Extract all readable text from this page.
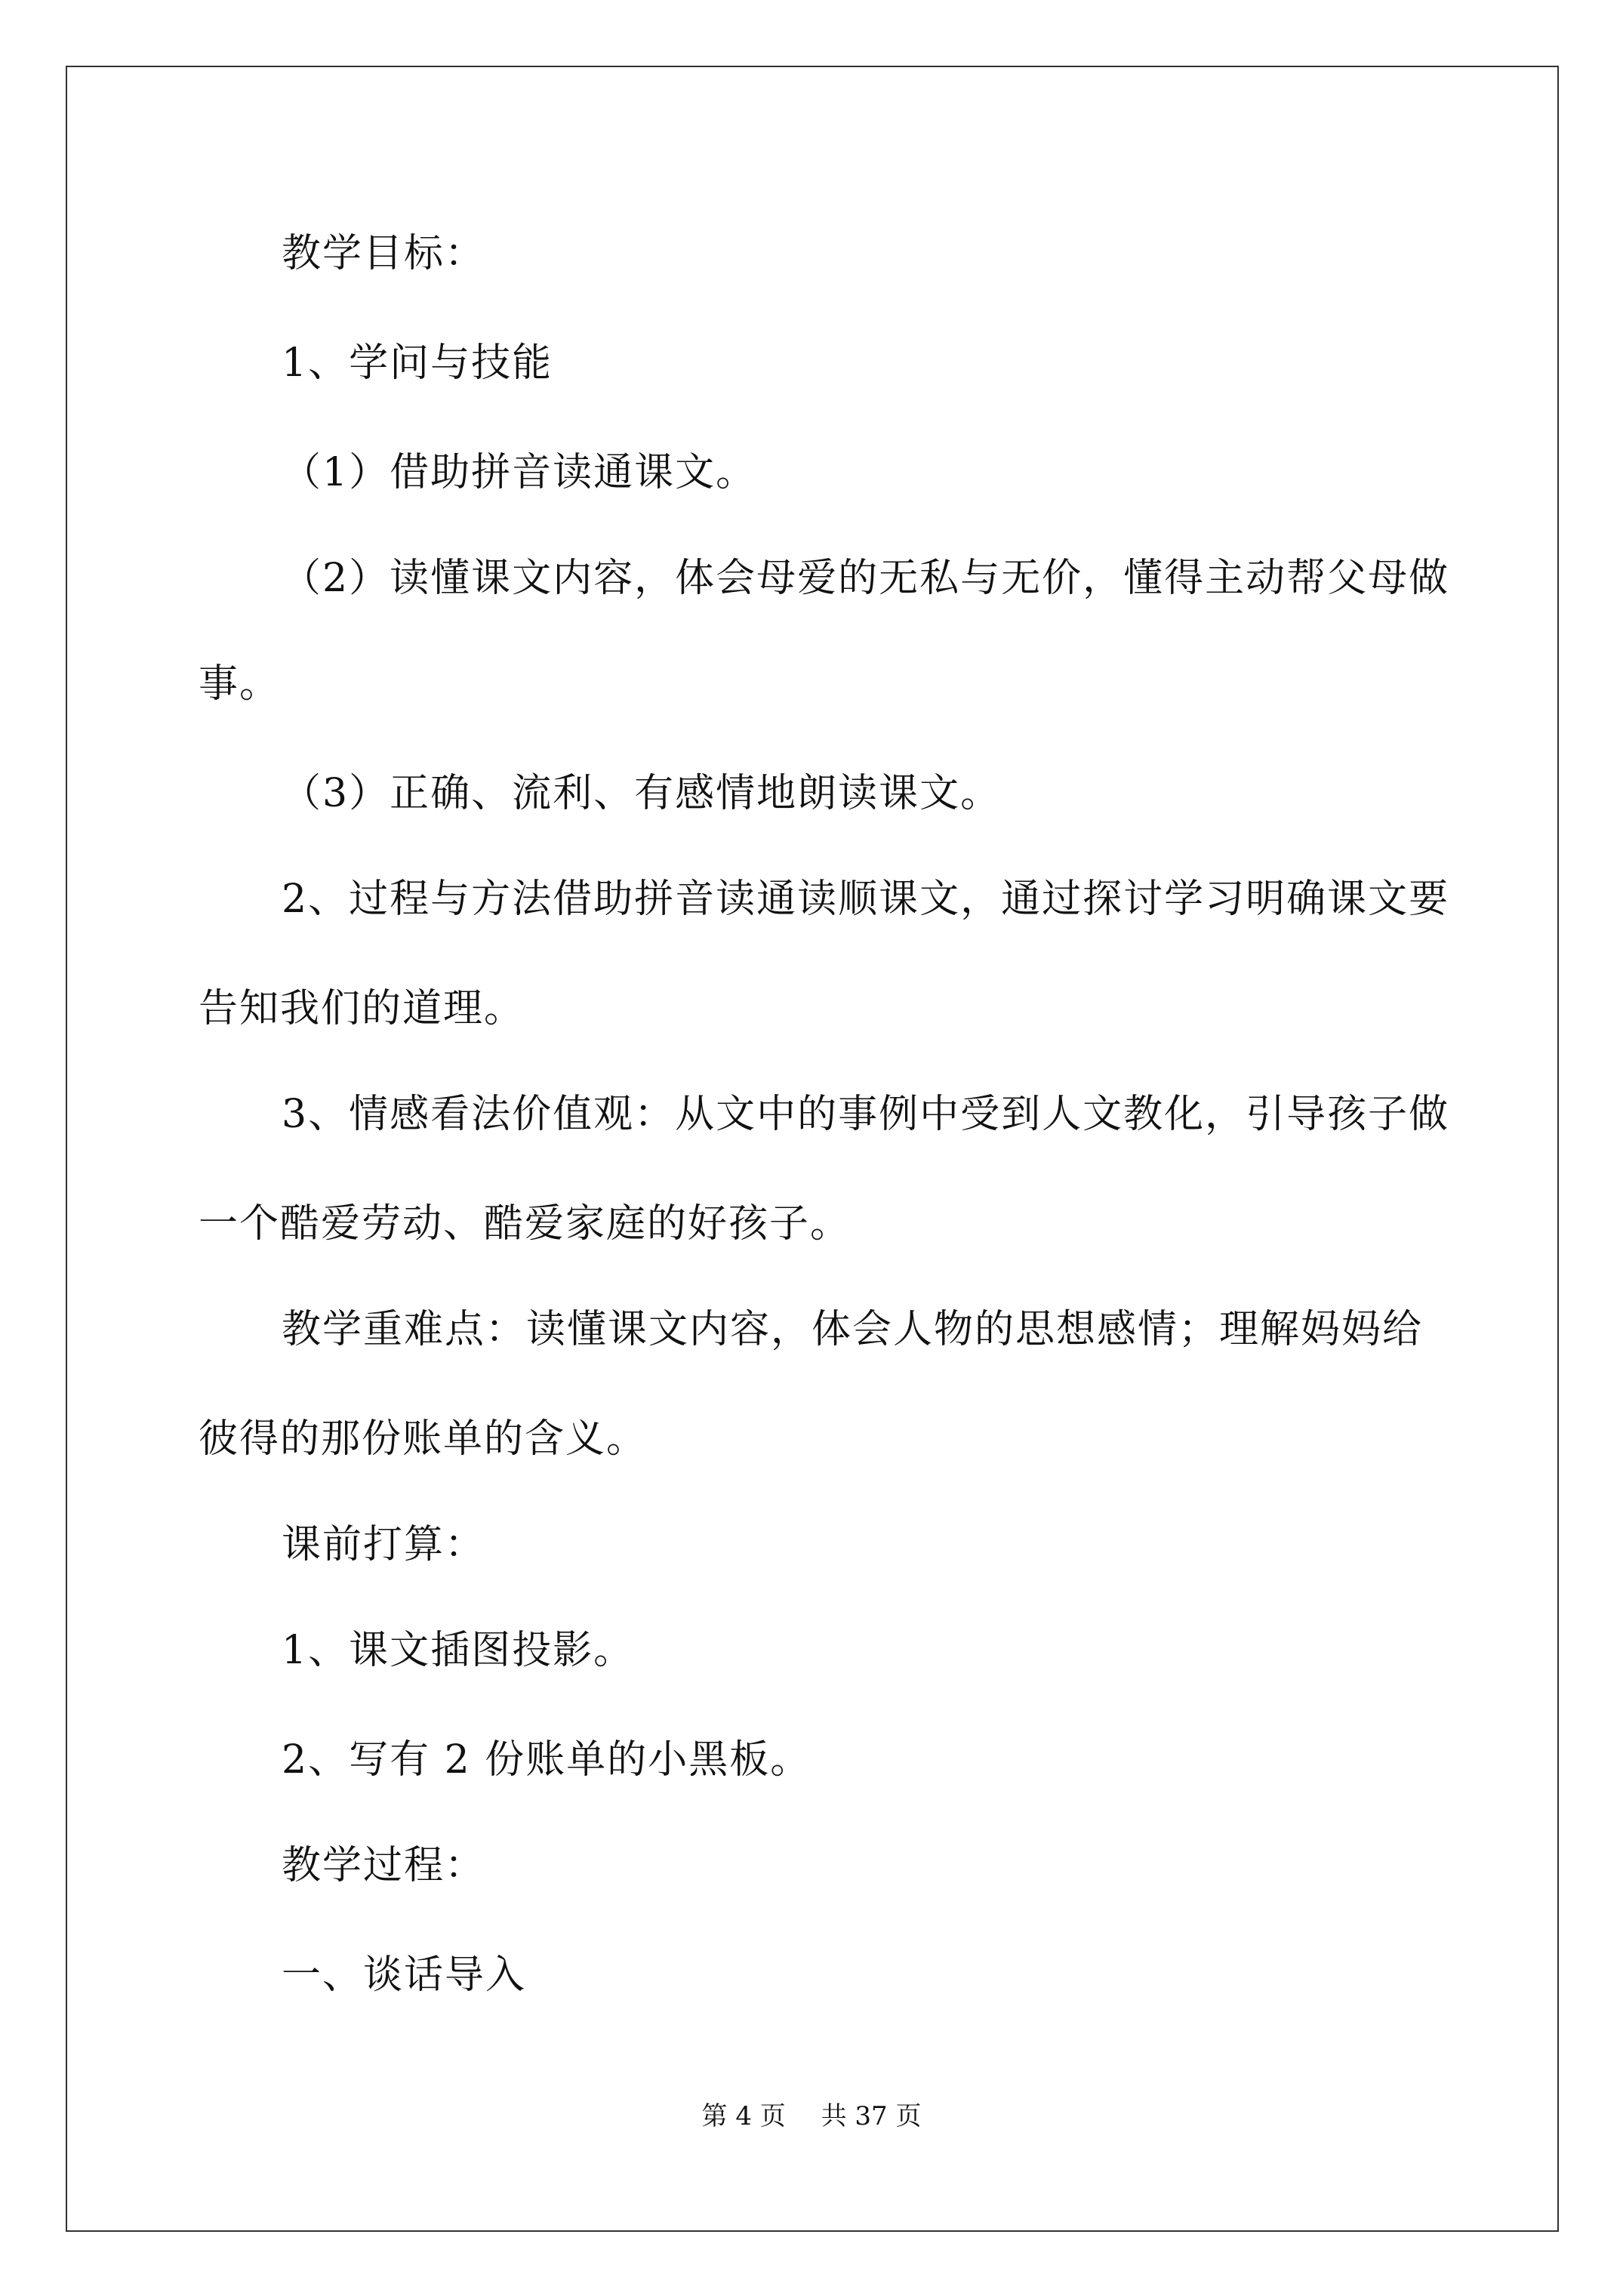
教学目标：
1、学问与技能
（1）借助拼音读通课文。
（2）读懂课文内容，体会母爱的无私与无价，懂得主动帮父母做
事。
（3）正确、流利、有感情地朗读课文。
2、过程与方法借助拼音读通读顺课文，通过探讨学习明确课文要
告知我们的道理。
3、情感看法价值观：从文中的事例中受到人文教化，引导孩子做
一个酷爱劳动、酷爱家庭的好孩子。
教学重难点：读懂课文内容，体会人物的思想感情；理解妈妈给
彼得的那份账单的含义。
课前打算：
1、课文插图投影。
2、写有 2 份账单的小黑板。
教学过程：
一、谈话导入
第 4 页 共 37 页
